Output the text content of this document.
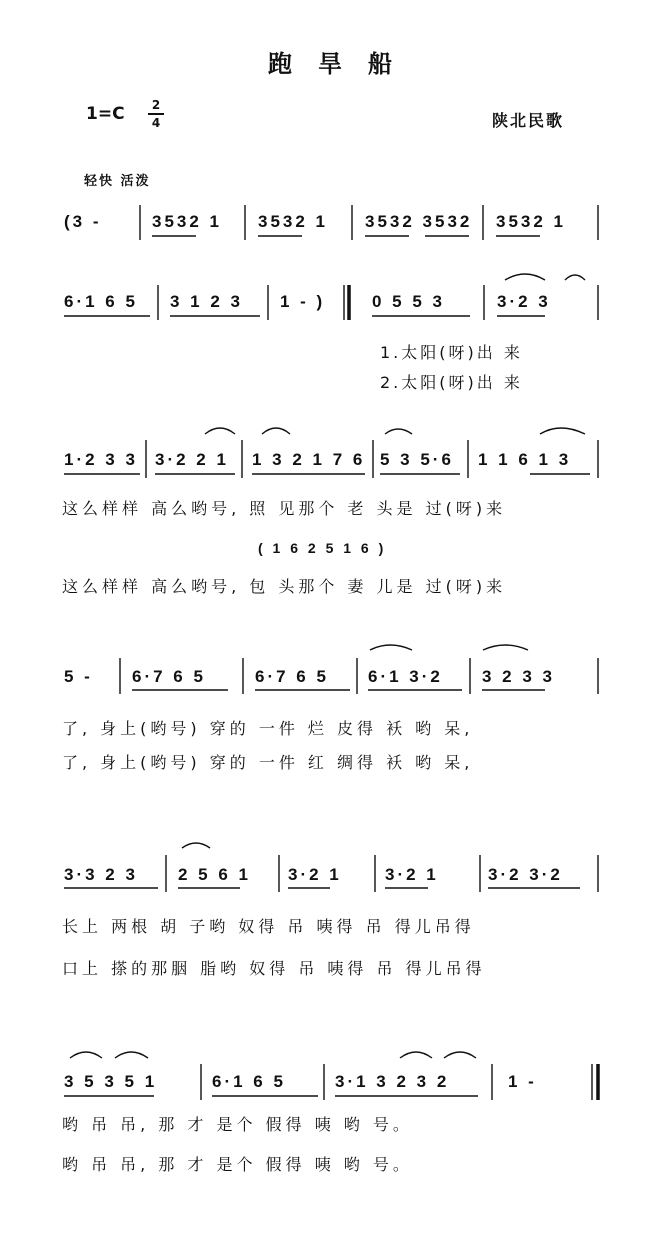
跑旱船
1=C	2
4	陕北民歌
轻快 活泼
(3 -	3532 1 3532 1 3532 3532 3532 1
6·1 6 5 3 1 2 3 1 - )	0 5 5 3	3·2 3
1.太阳(呀)出 来
2.太阳(呀)出 来
1·2 3 3 3·2 2 1 1 3 2 1 7 6 5 3 5·6 1 1 6 1 3
这么样样 高么哟号, 照 见那个 老 头是 过(呀)来
( 1 6 2 5 1 6 )
这么样样 高么哟号, 包 头那个 妻 儿是 过(呀)来
5 - 6·7 6 5	6·7 6 5 6·1 3·2 3 2 3 3
了, 身上(哟号) 穿的 一件 烂 皮得 袄 哟 呆,
了, 身上(哟号) 穿的 一件 红 绸得 袄 哟 呆,
3·3 2 3 2 5 6 1 3·2 1	3·2 1	3·2 3·2
长上 两根 胡 子哟 奴得 吊 咦得 吊 得儿吊得
口上 搽的那胭 脂哟 奴得 吊 咦得 吊 得儿吊得
3 5 3 5 1	6·1 6 5	3·1 3 2 3 2	1 -
哟 吊 吊, 那 才 是个 假得 咦 哟 号。
哟 吊 吊, 那 才 是个 假得 咦 哟 号。
